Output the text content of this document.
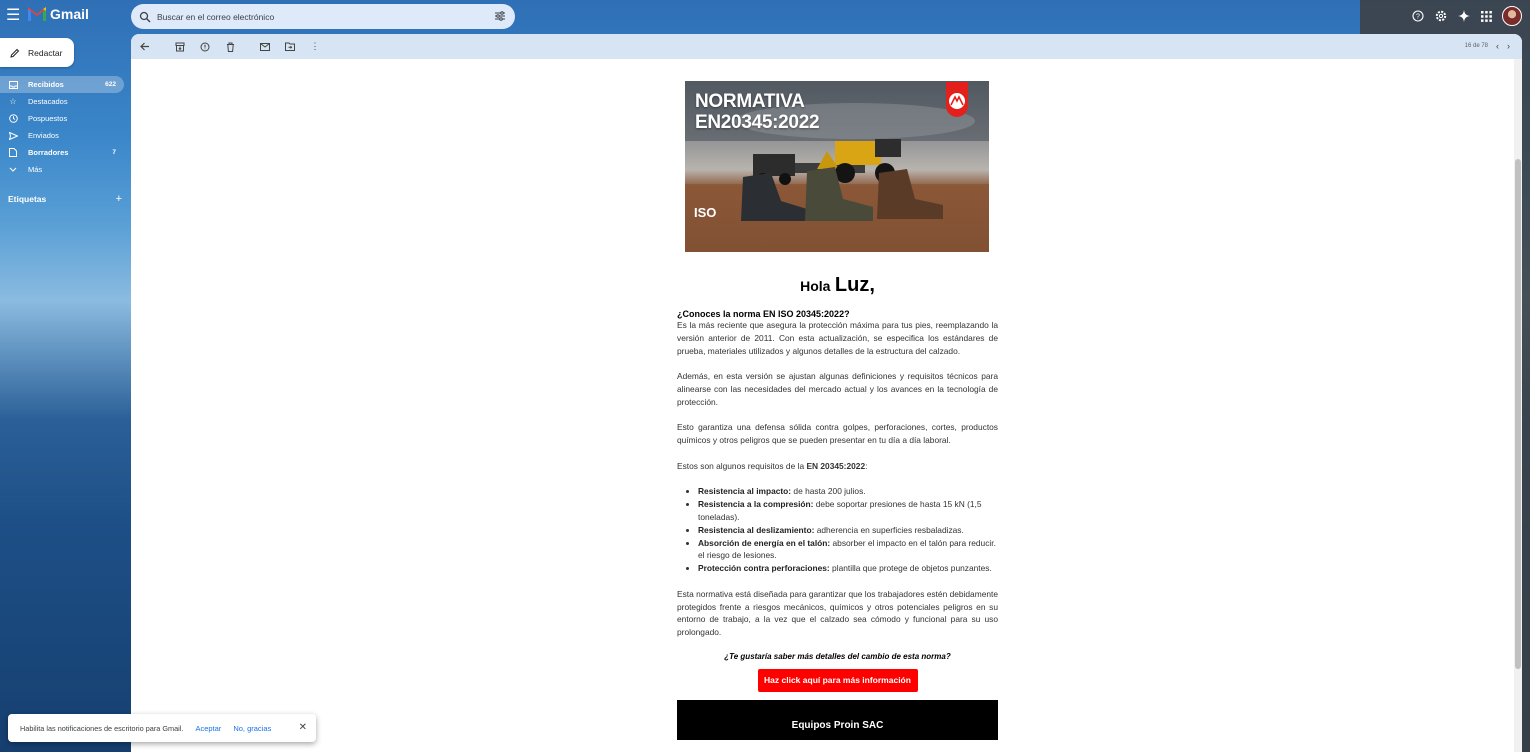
☰ Gmail
Buscar en el correo electrónico	?
Redactar
Recibidos	622
☆ Destacados
Pospuestos
Enviados
Borradores	7
Más
Etiquetas	+
⋮	16 de 78 ‹ ›
NORMATIVA
EN20345:2022
ISO
Hola Luz,
¿Conoces la norma EN ISO 20345:2022?

Es la más reciente que asegura la protección máxima para tus pies, reemplazando la versión anterior de 2011. Con esta actualización, se especifica los estándares de prueba, materiales utilizados y algunos detalles de la estructura del calzado.

Además, en esta versión se ajustan algunas definiciones y requisitos técnicos para alinearse con las necesidades del mercado actual y los avances en la tecnología de protección.

Esto garantiza una defensa sólida contra golpes, perforaciones, cortes, productos químicos y otros peligros que se pueden presentar en tu día a día laboral.

Estos son algunos requisitos de la EN 20345:2022:

• Resistencia al impacto: de hasta 200 julios.
• Resistencia a la compresión: debe soportar presiones de hasta 15 kN (1,5 toneladas).
• Resistencia al deslizamiento: adherencia en superficies resbaladizas.
• Absorción de energía en el talón: absorber el impacto en el talón para reducir. el riesgo de lesiones.
• Protección contra perforaciones: plantilla que protege de objetos punzantes.

Esta normativa está diseñada para garantizar que los trabajadores estén debidamente protegidos frente a riesgos mecánicos, químicos y otros potenciales peligros en su entorno de trabajo, a la vez que el calzado sea cómodo y funcional para su uso prolongado.

¿Te gustaría saber más detalles del cambio de esta norma?
Haz click aquí para más información
Equipos Proin SAC
Habilita las notificaciones de escritorio para Gmail. Aceptar No, gracias	✕
